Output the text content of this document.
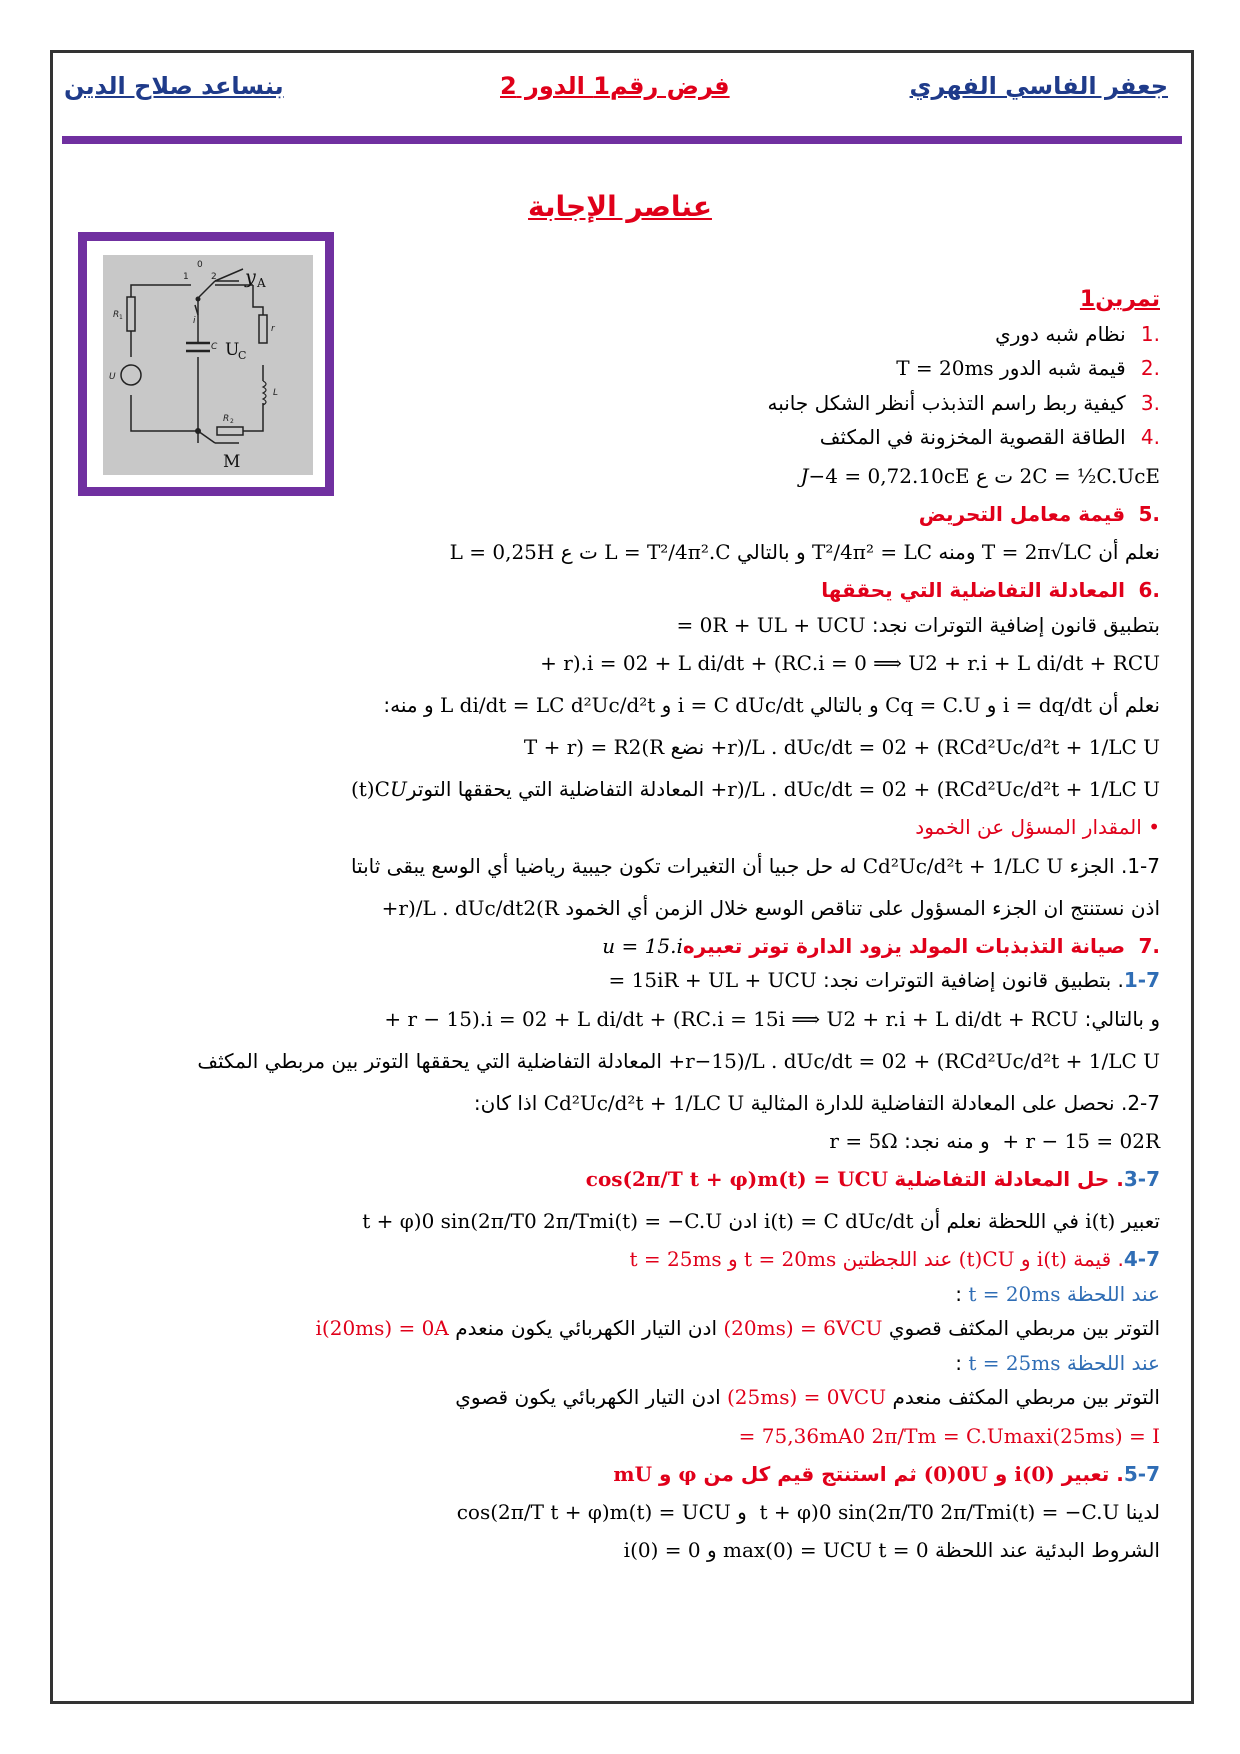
جعفر الفاسي الفهري
فرض رقم1 الدور 2
بنساعد صلاح الدين
عناصر الإجابة
1
0
2
i
R 1
C
r
L
U
R 2
y A
U
C
M
تمرين1
.1 نظام شبه دوري
.2 قيمة شبه الدور T = 20ms
.3 كيفية ربط راسم التذبذب أنظر الشكل جانبه
.4 الطاقة القصوية المخزونة في المكثف
Ec = ½C.UC2 ت ع Ec = 0,72.10−4J
.5 قيمة معامل التحريض
نعلم أن T = 2π√LC ومنه T²/4π² = LC و بالتالي L = T²/4π².C ت ع L = 0,25H
.6 المعادلة التفاضلية التي يحققها
بتطبيق قانون إضافية التوترات نجد: UC + UL + UR = 0
UC + r.i + L di/dt + R2.i = 0 ⟹ UC + L di/dt + (R2 + r).i = 0
نعلم أن i = dq/dt و q = C.UC و بالتالي i = C dUc/dt و L di/dt = LC d²Uc/d²t و منه:
d²Uc/d²t + 1/LC UC + (R2+r)/L . dUc/dt = 0 نضع (R2 + r) = RT
d²Uc/d²t + 1/LC UC + (R2+r)/L . dUc/dt = 0 المعادلة التفاضلية التي يحققها التوترUC(t)
• المقدار المسؤل عن الخمود
1-7. الجزء d²Uc/d²t + 1/LC UC له حل جبيا أن التغيرات تكون جيبية رياضيا أي الوسع يبقى ثابتا
اذن نستنتج ان الجزء المسؤول على تناقص الوسع خلال الزمن أي الخمود (R2+r)/L . dUc/dt
.7 صيانة التذبذبات المولد يزود الدارة توتر تعبيره u = 15.i
1-7. بتطبيق قانون إضافية التوترات نجد: UC + UL + UR = 15i
و بالتالي: UC + r.i + L di/dt + R2.i = 15i ⟹ UC + L di/dt + (R2 + r − 15).i = 0
d²Uc/d²t + 1/LC UC + (R2+r−15)/L . dUc/dt = 0 المعادلة التفاضلية التي يحققها التوتر بين مربطي المكثف
2-7. نحصل على المعادلة التفاضلية للدارة المثالية d²Uc/d²t + 1/LC UC اذا كان:
R2 + r − 15 = 0 و منه نجد: r = 5Ω
3-7. حل المعادلة التفاضلية UC(t) = Umcos(2π/T t + φ)
تعبير i(t) في اللحظة نعلم أن i(t) = C dUc/dt ادن i(t) = −C.Um 2π/T0 sin(2π/T0 t + φ)
4-7. قيمة i(t) و UC(t) عند اللجظتين t = 20ms و t = 25ms
عند اللحظة t = 20ms :
التوتر بين مربطي المكثف قصوي UC(20ms) = 6V ادن التيار الكهربائي يكون منعدم i(20ms) = 0A
عند اللحظة t = 25ms :
التوتر بين مربطي المكثف منعدم UC(25ms) = 0V ادن التيار الكهربائي يكون قصوي
i(25ms) = Imax = C.Um 2π/T0 = 75,36mA
5-7. تعبير i(0) و U0(0) ثم استنتج قيم كل من φ و Um
لدينا i(t) = −C.Um 2π/T0 sin(2π/T0 t + φ) و UC(t) = Umcos(2π/T t + φ)
الشروط البدئية عند اللحظة t = 0 UC(0) = Umax و i(0) = 0
